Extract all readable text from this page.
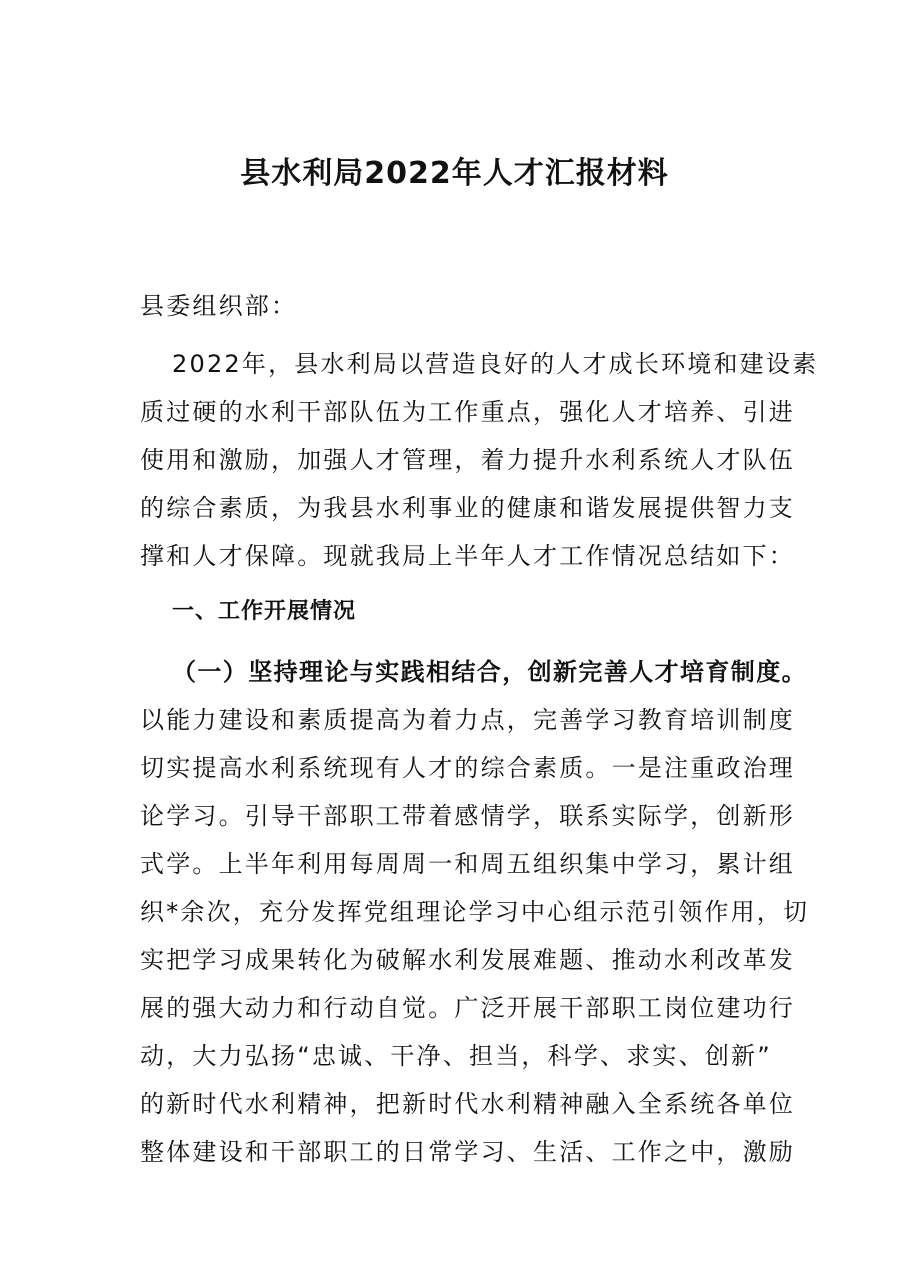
县水利局2022年人才汇报材料
县委组织部：
2022年，县水利局以营造良好的人才成长环境和建设素
质过硬的水利干部队伍为工作重点，强化人才培养、引进
使用和激励，加强人才管理，着力提升水利系统人才队伍
的综合素质，为我县水利事业的健康和谐发展提供智力支
撑和人才保障。现就我局上半年人才工作情况总结如下：
一、工作开展情况
（一）坚持理论与实践相结合，创新完善人才培育制度。
以能力建设和素质提高为着力点，完善学习教育培训制度
切实提高水利系统现有人才的综合素质。一是注重政治理
论学习。引导干部职工带着感情学，联系实际学，创新形
式学。上半年利用每周周一和周五组织集中学习，累计组
织*余次，充分发挥党组理论学习中心组示范引领作用，切
实把学习成果转化为破解水利发展难题、推动水利改革发
展的强大动力和行动自觉。广泛开展干部职工岗位建功行
动，大力弘扬“忠诚、干净、担当，科学、求实、创新”
的新时代水利精神，把新时代水利精神融入全系统各单位
整体建设和干部职工的日常学习、生活、工作之中，激励
